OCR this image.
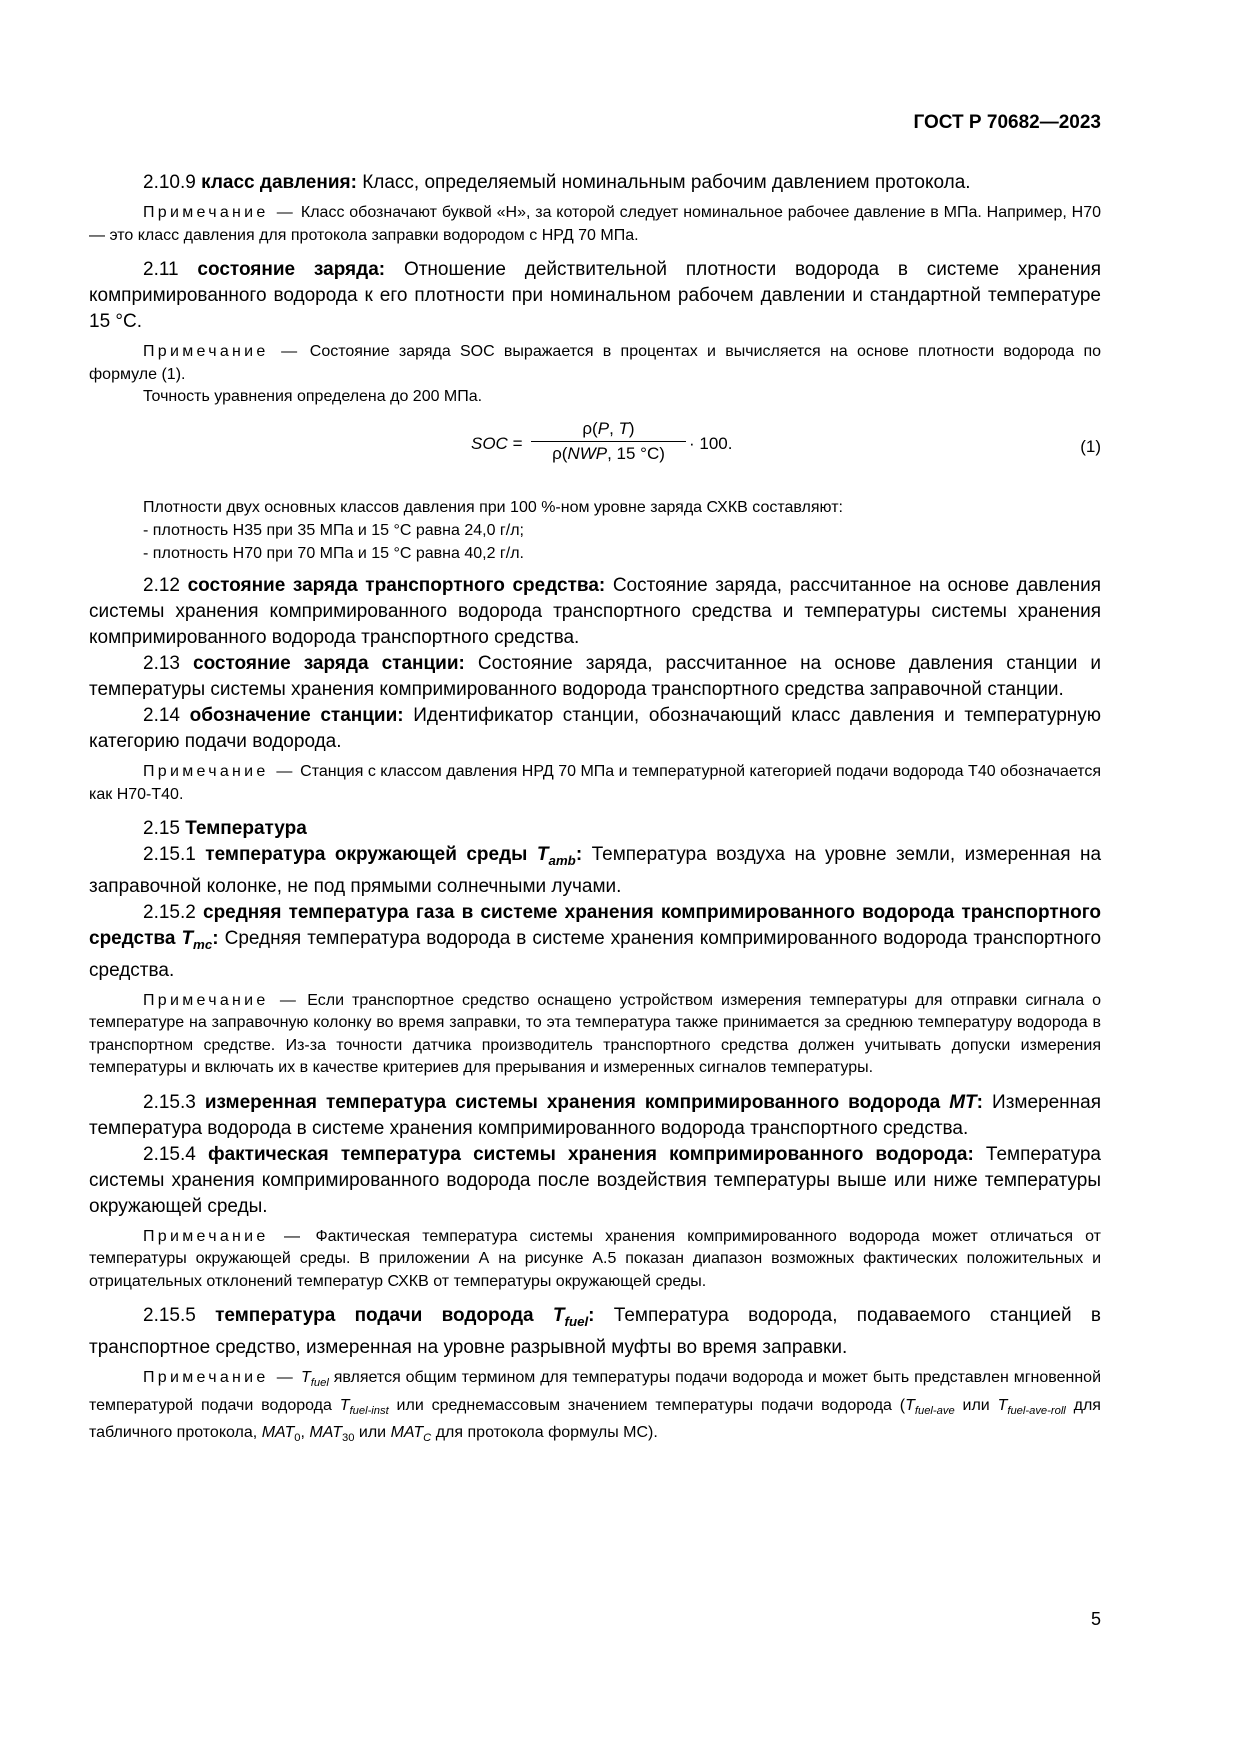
ГОСТ Р 70682—2023

2.10.9 класс давления: Класс, определяемый номинальным рабочим давлением протокола.

Примечание — Класс обозначают буквой «Н», за которой следует номинальное рабочее давление в МПа. Например, Н70 — это класс давления для протокола заправки водородом с НРД 70 МПа.

2.11 состояние заряда: Отношение действительной плотности водорода в системе хранения компримированного водорода к его плотности при номинальном рабочем давлении и стандартной температуре 15 °С.

Примечание — Состояние заряда SOC выражается в процентах и вычисляется на основе плотности водорода по формуле (1).

Точность уравнения определена до 200 МПа.

SOC =
ρ(P, T)
ρ(NWP, 15 °C)
· 100.	(1)

Плотности двух основных классов давления при 100 %-ном уровне заряда СХКВ составляют:

- плотность Н35 при 35 МПа и 15 °С равна 24,0 г/л;

- плотность Н70 при 70 МПа и 15 °С равна 40,2 г/л.

2.12 состояние заряда транспортного средства: Состояние заряда, рассчитанное на основе давления системы хранения компримированного водорода транспортного средства и температуры системы хранения компримированного водорода транспортного средства.

2.13 состояние заряда станции: Состояние заряда, рассчитанное на основе давления станции и температуры системы хранения компримированного водорода транспортного средства заправочной станции.

2.14 обозначение станции: Идентификатор станции, обозначающий класс давления и температурную категорию подачи водорода.

Примечание — Станция с классом давления НРД 70 МПа и температурной категорией подачи водорода Т40 обозначается как Н70-Т40.

2.15 Температура

2.15.1 температура окружающей среды $T_{amb}$: Температура воздуха на уровне земли, измеренная на заправочной колонке, не под прямыми солнечными лучами.

2.15.2 средняя температура газа в системе хранения компримированного водорода транспортного средства $T_{mc}$: Средняя температура водорода в системе хранения компримированного водорода транспортного средства.

Примечание — Если транспортное средство оснащено устройством измерения температуры для отправки сигнала о температуре на заправочную колонку во время заправки, то эта температура также принимается за среднюю температуру водорода в транспортном средстве. Из-за точности датчика производитель транспортного средства должен учитывать допуски измерения температуры и включать их в качестве критериев для прерывания и измеренных сигналов температуры.

2.15.3 измеренная температура системы хранения компримированного водорода MT: Измеренная температура водорода в системе хранения компримированного водорода транспортного средства.

2.15.4 фактическая температура системы хранения компримированного водорода: Температура системы хранения компримированного водорода после воздействия температуры выше или ниже температуры окружающей среды.

Примечание — Фактическая температура системы хранения компримированного водорода может отличаться от температуры окружающей среды. В приложении А на рисунке А.5 показан диапазон возможных фактических положительных и отрицательных отклонений температур СХКВ от температуры окружающей среды.

2.15.5 температура подачи водорода $T_{fuel}$: Температура водорода, подаваемого станцией в транспортное средство, измеренная на уровне разрывной муфты во время заправки.

Примечание — $T_{fuel}$ является общим термином для температуры подачи водорода и может быть представлен мгновенной температурой подачи водорода $T_{fuel-inst}$ или среднемассовым значением температуры подачи водорода ($T_{fuel-ave}$ или $T_{fuel-ave-roll}$ для табличного протокола, $MAT_0$, $MAT_{30}$ или $MAT_C$ для протокола формулы МС).

5
